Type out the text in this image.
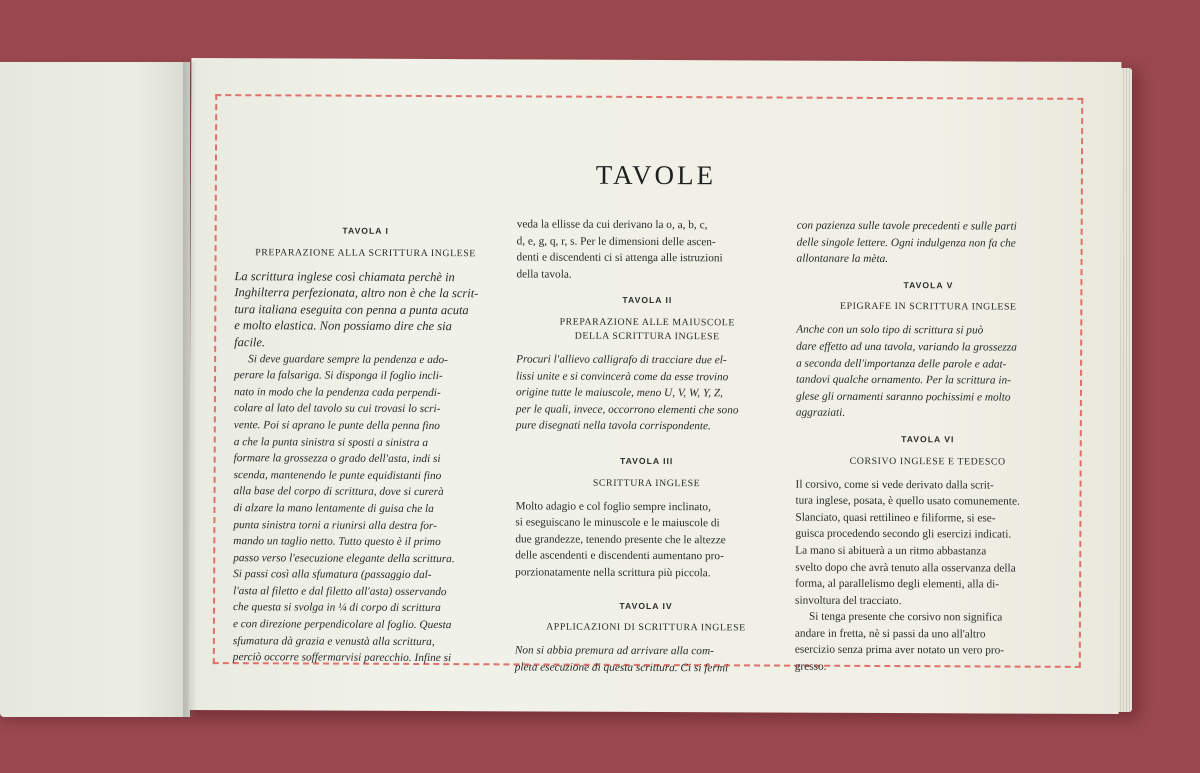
TAVOLE
TAVOLA I
PREPARAZIONE ALLA SCRITTURA INGLESE

La scrittura inglese così chiamata perchè in
Inghilterra perfezionata, altro non è che la scrit-
tura italiana eseguita con penna a punta acuta
e molto elastica. Non possiamo dire che sia
facile.

Si deve guardare sempre la pendenza e ado-
perare la falsariga. Si disponga il foglio incli-
nato in modo che la pendenza cada perpendi-
colare al lato del tavolo su cui trovasi lo scri-
vente. Poi si aprano le punte della penna fino
a che la punta sinistra si sposti a sinistra a
formare la grossezza o grado dell'asta, indi si
scenda, mantenendo le punte equidistanti fino
alla base del corpo di scrittura, dove si curerà
di alzare la mano lentamente di guisa che la
punta sinistra torni a riunirsi alla destra for-
mando un taglio netto. Tutto questo è il primo
passo verso l'esecuzione elegante della scrittura.
Si passi così alla sfumatura (passaggio dal-
l'asta al filetto e dal filetto all'asta) osservando
che questa si svolga in ¼ di corpo di scrittura
e con direzione perpendicolare al foglio. Questa
sfumatura dà grazia e venustà alla scrittura,
perciò occorre soffermarvisi parecchio. Infine si

veda la ellisse da cui derivano la o, a, b, c,
d, e, g, q, r, s. Per le dimensioni delle ascen-
denti e discendenti ci si attenga alle istruzioni
della tavola.

TAVOLA II
PREPARAZIONE ALLE MAIUSCOLE
DELLA SCRITTURA INGLESE

Procuri l'allievo calligrafo di tracciare due el-
lissi unite e si convincerà come da esse trovino
origine tutte le maiuscole, meno U, V, W, Y, Z,
per le quali, invece, occorrono elementi che sono
pure disegnati nella tavola corrispondente.

TAVOLA III
SCRITTURA INGLESE

Molto adagio e col foglio sempre inclinato,
si eseguiscano le minuscole e le maiuscole di
due grandezze, tenendo presente che le altezze
delle ascendenti e discendenti aumentano pro-
porzionatamente nella scrittura più piccola.

TAVOLA IV
APPLICAZIONI DI SCRITTURA INGLESE

Non si abbia premura ad arrivare alla com-
pleta esecuzione di questa scrittura. Ci si fermi

con pazienza sulle tavole precedenti e sulle parti
delle singole lettere. Ogni indulgenza non fa che
allontanare la mèta.

TAVOLA V
EPIGRAFE IN SCRITTURA INGLESE

Anche con un solo tipo di scrittura si può
dare effetto ad una tavola, variando la grossezza
a seconda dell'importanza delle parole e adat-
tandovi qualche ornamento. Per la scrittura in-
glese gli ornamenti saranno pochissimi e molto
aggraziati.

TAVOLA VI
CORSIVO INGLESE E TEDESCO

Il corsivo, come si vede derivato dalla scrit-
tura inglese, posata, è quello usato comunemente.
Slanciato, quasi rettilineo e filiforme, si ese-
guisca procedendo secondo gli esercizi indicati.
La mano si abituerà a un ritmo abbastanza
svelto dopo che avrà tenuto alla osservanza della
forma, al parallelismo degli elementi, alla di-
sinvoltura del tracciato.

Si tenga presente che corsivo non significa
andare in fretta, nè si passi da uno all'altro
esercizio senza prima aver notato un vero pro-
gresso.
